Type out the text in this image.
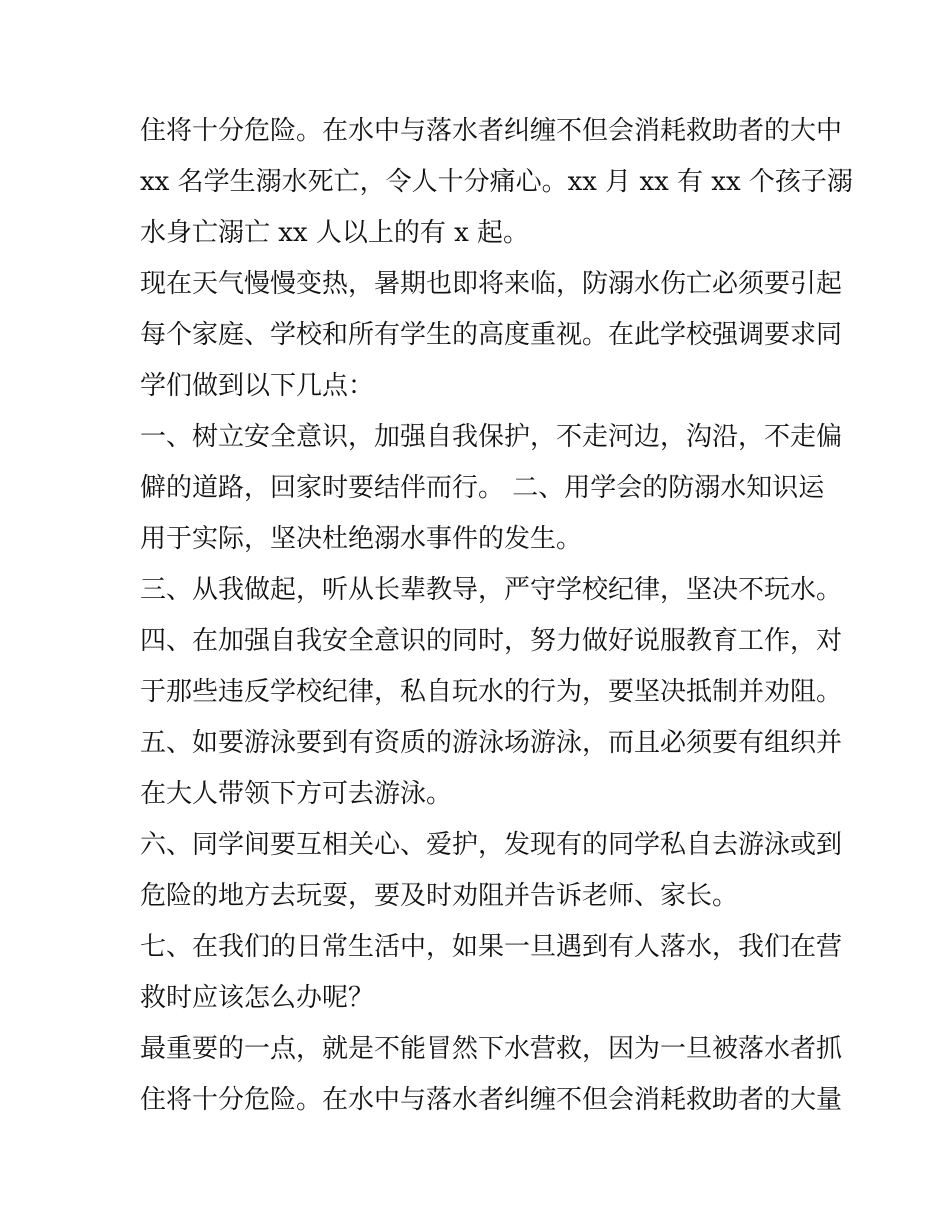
住将十分危险。在水中与落水者纠缠不但会消耗救助者的大中
xx 名学生溺水死亡，令人十分痛心。xx 月 xx 有 xx 个孩子溺
水身亡溺亡 xx 人以上的有 x 起。
现在天气慢慢变热，暑期也即将来临，防溺水伤亡必须要引起
每个家庭、学校和所有学生的高度重视。在此学校强调要求同
学们做到以下几点：
一、树立安全意识，加强自我保护，不走河边，沟沿，不走偏
僻的道路，回家时要结伴而行。 二、用学会的防溺水知识运
用于实际，坚决杜绝溺水事件的发生。
三、从我做起，听从长辈教导，严守学校纪律，坚决不玩水。
四、在加强自我安全意识的同时，努力做好说服教育工作，对
于那些违反学校纪律，私自玩水的行为，要坚决抵制并劝阻。
五、如要游泳要到有资质的游泳场游泳，而且必须要有组织并
在大人带领下方可去游泳。
六、同学间要互相关心、爱护，发现有的同学私自去游泳或到
危险的地方去玩耍，要及时劝阻并告诉老师、家长。
七、在我们的日常生活中，如果一旦遇到有人落水，我们在营
救时应该怎么办呢？
最重要的一点，就是不能冒然下水营救，因为一旦被落水者抓
住将十分危险。在水中与落水者纠缠不但会消耗救助者的大量
